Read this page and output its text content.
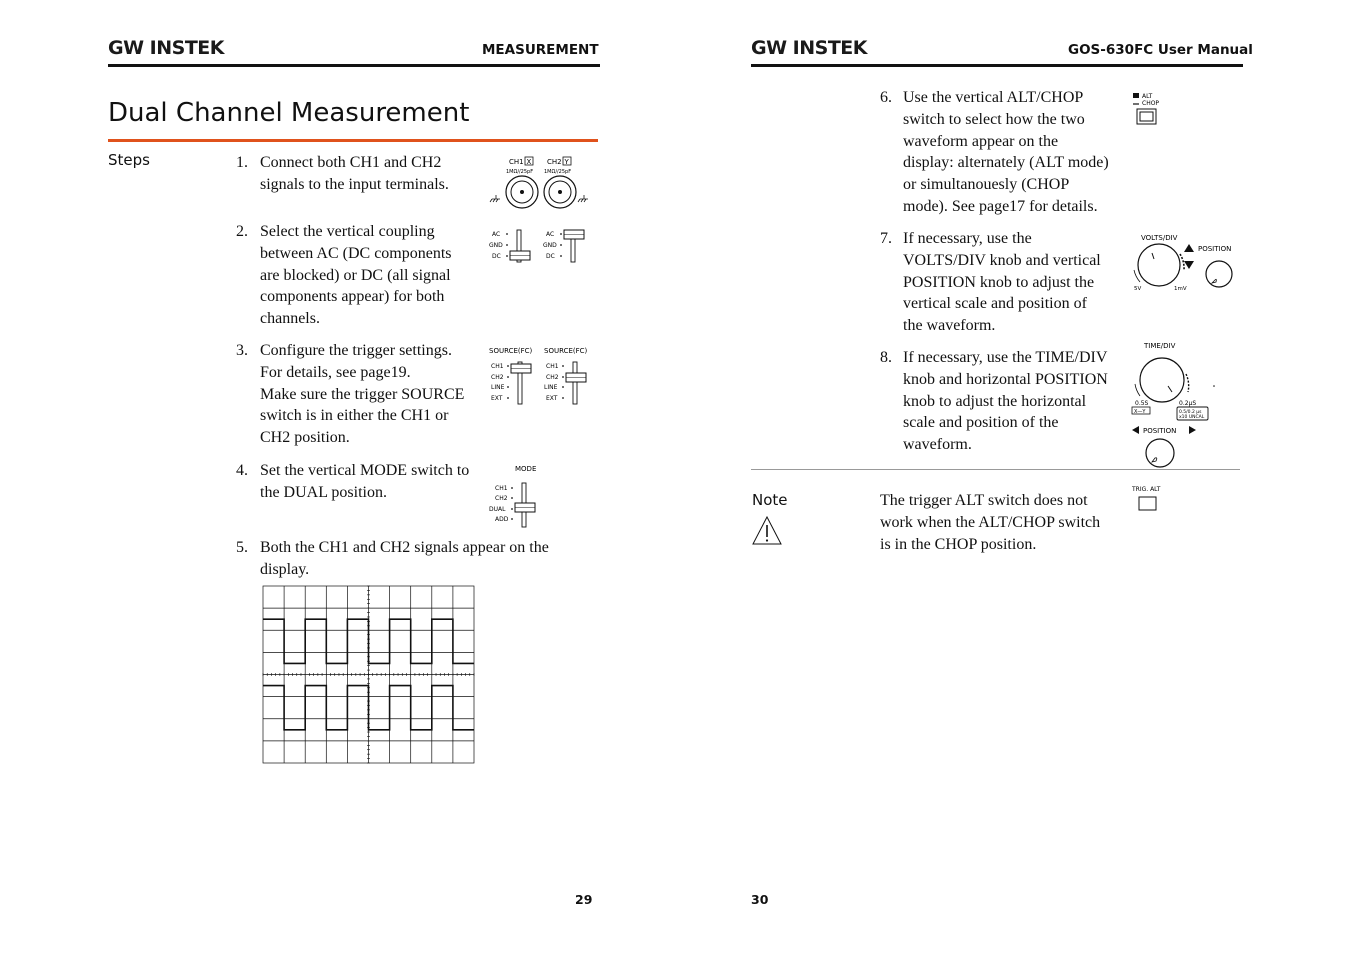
GW INSTEK	MEASUREMENT
Dual Channel Measurement
Steps	1. Connect both CH1 and CH2
signals to the input terminals.
2. Select the vertical coupling
between AC (DC components
are blocked) or DC (all signal
components appear) for both
channels.
3. Configure the trigger settings.
For details, see page19.
Make sure the trigger SOURCE
switch is in either the CH1 or
CH2 position.
4. Set the vertical MODE switch to
the DUAL position.
5. Both the CH1 and CH2 signals appear on the
display.
CH1 X CH2 Y
1MΩ//25pF 1MΩ//25pF
AC
GND
DC
AC
GND
DC
SOURCE(FC) SOURCE(FC)
CH1
CH2
LINE
EXT
CH1
CH2
LINE
EXT
MODE
CH1
CH2
DUAL
ADD
29
GW INSTEK	GOS-630FC User Manual
6. Use the vertical ALT/CHOP
switch to select how the two
waveform appear on the
display: alternately (ALT mode)
or simultanouesly (CHOP
mode). See page17 for details.
7. If necessary, use the
VOLTS/DIV knob and vertical
POSITION knob to adjust the
vertical scale and position of
the waveform.
8. If necessary, use the TIME/DIV
knob and horizontal POSITION
knob to adjust the horizontal
scale and position of the
waveform.
ALT
CHOP
VOLTS/DIV
POSITION
5V	1mV
TIME/DIV
0.5S	0.2μS
X—Y	0.5/0.2 μs
x10 UNCAL
POSITION
Note	The trigger ALT switch does not
work when the ALT/CHOP switch
is in the CHOP position.
TRIG. ALT
30
